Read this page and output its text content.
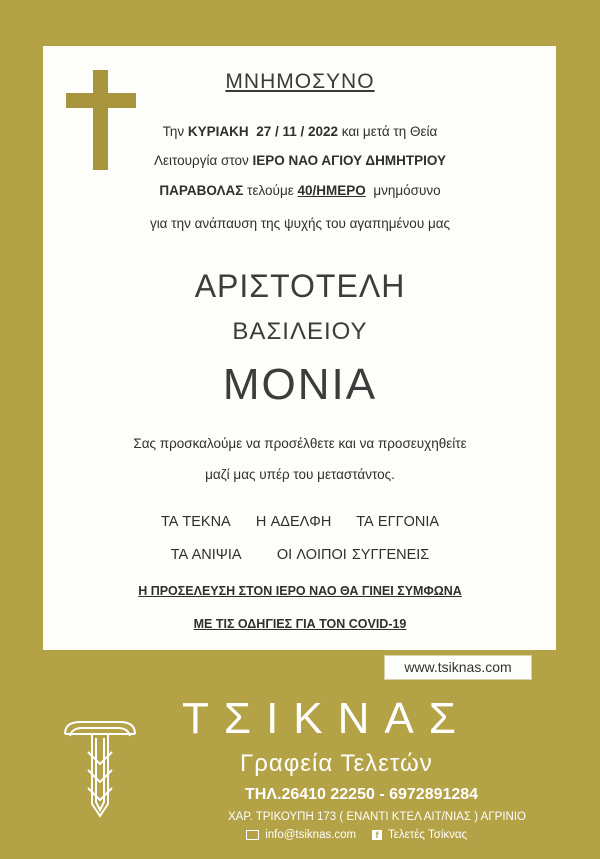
ΜΝΗΜΟΣΥΝΟ
Την ΚΥΡΙΑΚΗ 27 / 11 / 2022 και μετά τη Θεία
Λειτουργία στον ΙΕΡΟ ΝΑΟ ΑΓΙΟΥ ΔΗΜΗΤΡΙΟΥ
ΠΑΡΑΒΟΛΑΣ τελούμε 40/ΗΜΕΡΟ μνημόσυνο
για την ανάπαυση της ψυχής του αγαπημένου μας
ΑΡΙΣΤΟΤΕΛΗ
ΒΑΣΙΛΕΙΟΥ
ΜΟΝΙΑ
Σας προσκαλούμε να προσέλθετε και να προσευχηθείτε
μαζί μας υπέρ του μεταστάντος.
ΤΑ ΤΕΚΝΑ Η ΑΔΕΛΦΗ ΤΑ ΕΓΓΟΝΙΑ
ΤΑ ΑΝΙΨΙΑ ΟΙ ΛΟΙΠΟΙ ΣΥΓΓΕΝΕΙΣ
Η ΠΡΟΣΕΛΕΥΣΗ ΣΤΟΝ ΙΕΡΟ ΝΑΟ ΘΑ ΓΙΝΕΙ ΣΥΜΦΩΝΑ
ΜΕ ΤΙΣ ΟΔΗΓΙΕΣ ΓΙΑ ΤΟΝ COVID-19
www.tsiknas.com
ΤΣΙΚΝΑΣ
Γραφεία Τελετών
ΤΗΛ.26410 22250 - 6972891284
ΧΑΡ. ΤΡΙΚΟΥΠΗ 173 ( ΕΝΑΝΤΙ ΚΤΕΛ ΑΙΤ/ΝΙΑΣ ) ΑΓΡΙΝΙΟ
info@tsiknas.com	f Τελετές Τσίκνας
